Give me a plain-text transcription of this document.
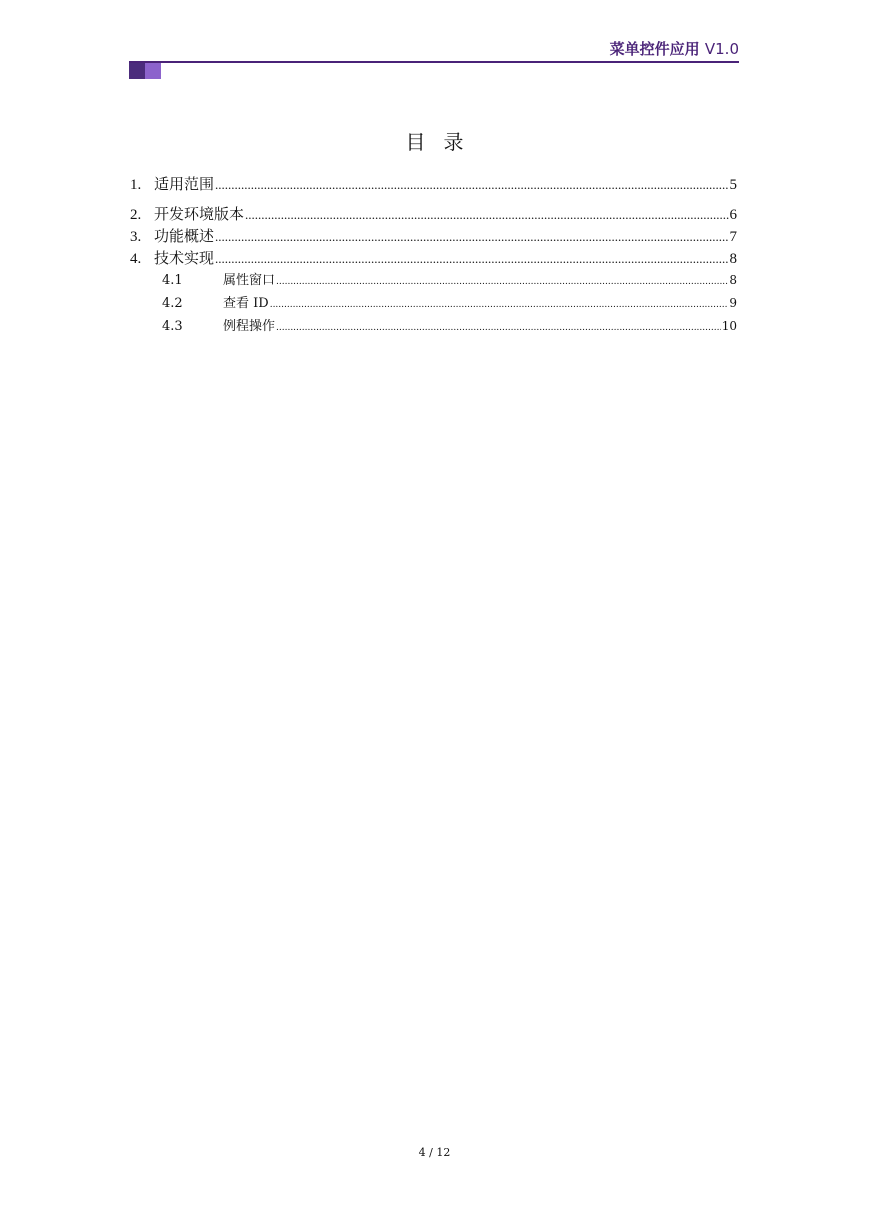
菜单控件应用 V1.0
目 录
1. 适用范围 .....	5
2. 开发环境版本 .....	6
3. 功能概述 .....	7
4. 技术实现 .....	8
4.1	属性窗口 .....	8
4.2	查看 ID .....	9
4.3	例程操作 .....	10
4 / 12
